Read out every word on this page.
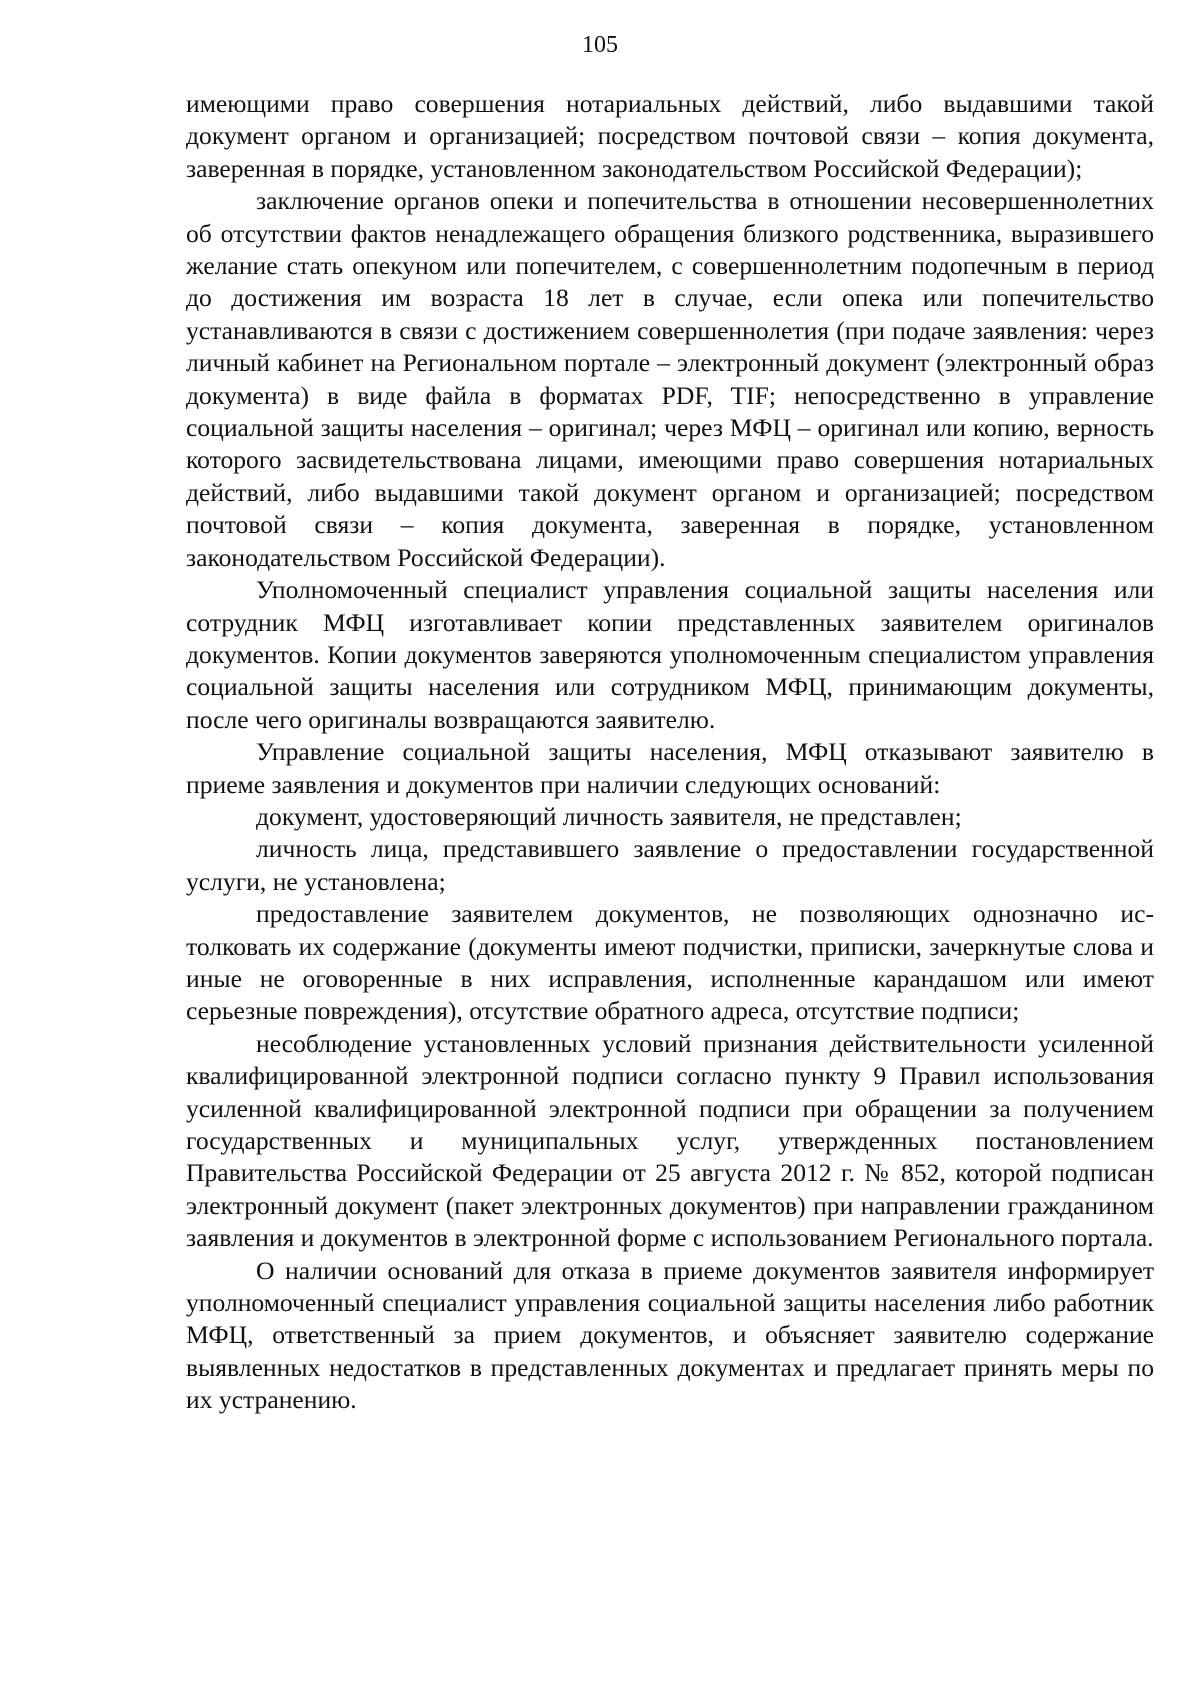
105

имеющими право совершения нотариальных действий, либо выдавшими такой документ органом и организацией; посредством почтовой связи – копия документа, заверенная в порядке, установленном законодательством Российской Федерации);

заключение органов опеки и попечительства в отношении несовершеннолетних об отсутствии фактов ненадлежащего обращения близкого родственника, выразившего желание стать опекуном или попечителем, с совершеннолетним подопечным в период до достижения им возраста 18 лет в случае, если опека или попечительство устанавливаются в связи с достижением совершеннолетия (при подаче заявления: через личный кабинет на Региональном портале – электронный документ (электронный образ документа) в виде файла в форматах PDF, TIF; непосредственно в управление социальной защиты населения – оригинал; через МФЦ – оригинал или копию, верность которого засвидетельствована лицами, имеющими право совершения нотариальных действий, либо выдавшими такой документ органом и организацией; посредством почтовой связи – копия документа, заверенная в порядке, установленном законодательством Российской Федерации).

Уполномоченный специалист управления социальной защиты населения или сотрудник МФЦ изготавливает копии представленных заявителем оригиналов документов. Копии документов заверяются уполномоченным специалистом управления социальной защиты населения или сотрудником МФЦ, принимающим документы, после чего оригиналы возвращаются заявителю.

Управление социальной защиты населения, МФЦ отказывают заявителю в приеме заявления и документов при наличии следующих оснований:

документ, удостоверяющий личность заявителя, не представлен;

личность лица, представившего заявление о предоставлении государственной услуги, не установлена;

предоставление заявителем документов, не позволяющих однозначно истолковать их содержание (документы имеют подчистки, приписки, зачеркнутые слова и иные не оговоренные в них исправления, исполненные карандашом или имеют серьезные повреждения), отсутствие обратного адреса, отсутствие подписи;

несоблюдение установленных условий признания действительности усиленной квалифицированной электронной подписи согласно пункту 9 Правил использования усиленной квалифицированной электронной подписи при обращении за получением государственных и муниципальных услуг, утвержденных постановлением Правительства Российской Федерации от 25 августа 2012 г. № 852, которой подписан электронный документ (пакет электронных документов) при направлении гражданином заявления и документов в электронной форме с использованием Регионального портала.

О наличии оснований для отказа в приеме документов заявителя информирует уполномоченный специалист управления социальной защиты населения либо работник МФЦ, ответственный за прием документов, и объясняет заявителю содержание выявленных недостатков в представленных документах и предлагает принять меры по их устранению.
